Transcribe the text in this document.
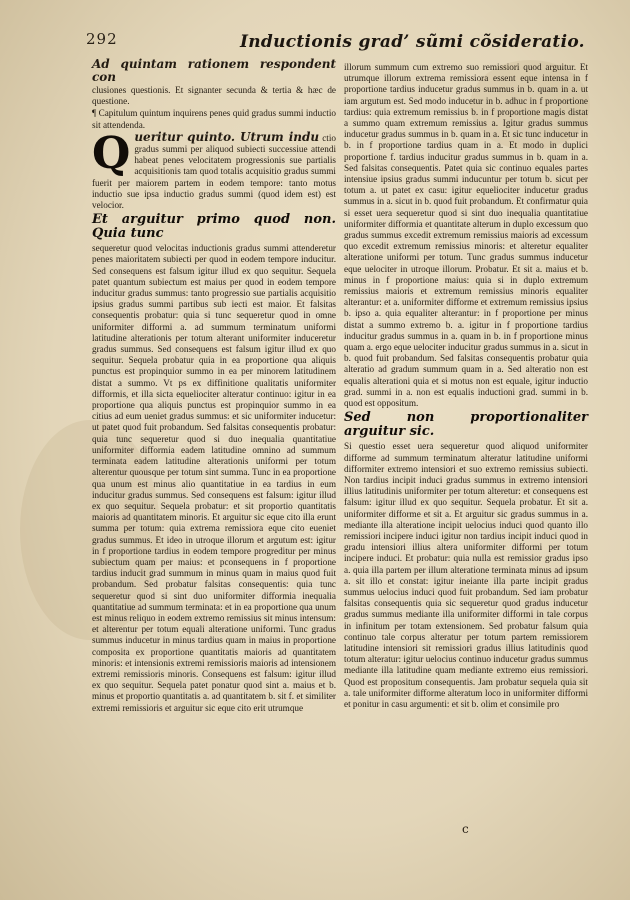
292	Inductionis grad’ sũmi cõsideratio.

Ad quintam rationem respondent con

clusiones questionis. Et signanter secunda & tertia & hæc de questione.

¶ Capitulum quintum inquirens penes quid gradus summi inductio sit attendenda.

Q ueritur quinto. Utrum indu ctio gradus summi per aliquod subiecti successiue attendi habeat penes velocitatem progressionis sue partialis acquisitionis tam quod totalis acquisitio gradus summi fuerit per maiorem partem in eodem tempore: tanto motus inductio sue ipsa inductio gradus summi (quod idem est) est velocior.

Et arguitur primo quod non. Quia tunc

sequeretur quod velocitas inductionis gradus summi attenderetur penes maioritatem subiecti per quod in eodem tempore inducitur. Sed consequens est falsum igitur illud ex quo sequitur. Sequela patet quantum subiectum est maius per quod in eodem tempore inducitur gradus summus: tanto progressio sue partialis acquisitio ipsius gradus summi partibus sub iecti est maior. Et falsitas consequentis probatur: quia si tunc sequeretur quod in omne uniformiter difformi a. ad summum terminatum uniformi latitudine alterationis per totum alterant uniformiter induceretur gradus summus. Sed consequens est falsum igitur illud ex quo sequitur. Sequela probatur quia in ea proportione qua aliquis punctus est propinquior summo in ea per minorem latitudinem distat a summo. Vt ps ex diffinitione qualitatis uniformiter difformis, et illa sicta equeliociter alteratur continuo: igitur in ea proportione qua aliquis punctus est propinquior summo in ea citius ad eum ueniet gradus summus: et sic uniformiter inducetur: ut patet quod fuit probandum. Sed falsitas consequentis probatur: quia tunc sequeretur quod si duo inequalia quantitatiue uniformiter difformia eadem latitudine omnino ad summum terminata eadem latitudine alterationis uniformi per totum alterentur quousque per totum sint summa. Tunc in ea proportione qua unum est minus alio quantitatiue in ea tardius in eum inducitur gradus summus. Sed consequens est falsum: igitur illud ex quo sequitur. Sequela probatur: et sit proportio quantitatis maioris ad quantitatem minoris. Et arguitur sic eque cito illa erunt summa per totum: quia extrema remissiora eque cito eueniet gradus summus. Et ideo in utroque illorum et argutum est: igitur in f proportione tardius in eodem tempore progreditur per minus subiectum quam per maius: et pconsequens in f proportione tardius inducit grad summum in minus quam in maius quod fuit probandum. Sed probatur falsitas consequentis: quia tunc sequeretur quod si sint duo uniformiter difformia inequalia quantitatiue ad summum terminata: et in ea proportione qua unum est minus reliquo in eodem extremo remissius sit minus intensum: et alterentur per totum equali alteratione uniformi. Tunc gradus summus inducetur in minus tardius quam in maius in proportione composita ex proportione quantitatis maioris ad quantitatem minoris: et intensionis extremi remissioris maioris ad intensionem extremi remissioris minoris. Consequens est falsum: igitur illud ex quo sequitur. Sequela patet ponatur quod sint a. maius et b. minus et proportio quantitatis a. ad quantitatem b. sit f. et similiter extremi remissioris et arguitur sic eque cito erit utrumque

illorum summum cum extremo suo remissiori quod arguitur. Et utrumque illorum extrema remissiora essent eque intensa in f proportione tardius inducetur gradus summus in b. quam in a. ut iam argutum est. Sed modo inducetur in b. adhuc in f proportione tardius: quia extremum remissius b. in f proportione magis distat a summo quam extremum remissius a. Igitur gradus summus inducetur gradus summus in b. quam in a. Et sic tunc inducetur in b. in f proportione tardius quam in a. Et modo in duplici proportione f. tardius inducitur gradus summus in b. quam in a. Sed falsitas consequentis. Patet quia sic continuo equales partes intensiue ipsius gradus summi inducuntur per totum b. sicut per totum a. ut patet ex casu: igitur equeliociter inducetur gradus summus in a. sicut in b. quod fuit probandum. Et confirmatur quia si esset uera sequeretur quod si sint duo inequalia quantitatiue uniformiter difformia et quantitate alterum in duplo excessum quo gradus summus excedit extremum remissius maioris ad excessum quo excedit extremum remissius minoris: et alteretur equaliter alteratione uniformi per totum. Tunc gradus summus inducetur eque uelociter in utroque illorum. Probatur. Et sit a. maius et b. minus in f proportione maius: quia si in duplo extremum remissius maioris et extremum remissius minoris equaliter alterantur: et a. uniformiter difforme et extremum remissius ipsius b. ipso a. quia equaliter alterantur: in f proportione per minus distat a summo extremo b. a. igitur in f proportione tardius inducitur gradus summus in a. quam in b. in f proportione minus quam a. ergo eque uelociter inducitur gradus summus in a. sicut in b. quod fuit probandum. Sed falsitas consequentis probatur quia alteratio ad gradum summum quam in a. Sed alteratio non est equalis alterationi quia et si motus non est equale, igitur inductio grad. summi in a. non est equalis inductioni grad. summi in b. quod est oppositum.

Sed non proportionaliter arguitur sic.

Si questio esset uera sequeretur quod aliquod uniformiter difforme ad summum terminatum alteratur latitudine uniformi difformiter extremo intensiori et suo extremo remissius subiecti. Non tardius incipit induci gradus summus in extremo intensiori illius latitudinis uniformiter per totum alteretur: et consequens est falsum: igitur illud ex quo sequitur. Sequela probatur. Et sit a. uniformiter difforme et sit a. Et arguitur sic gradus summus in a. mediante illa alteratione incipit uelocius induci quod quanto illo remissiori incipere induci igitur non tardius incipit induci quod in gradu intensiori illius altera uniformiter difformi per totum incipere induci. Et probatur: quia nulla est remissior gradus ipso a. quia illa partem per illum alteratione terminata minus ad ipsum a. sit illo et constat: igitur ineiante illa parte incipit gradus summus uelocius induci quod fuit probandum. Sed iam probatur falsitas consequentis quia sic sequeretur quod gradus inducetur gradus summus mediante illa uniformiter difformi in tale corpus in infinitum per totam extensionem. Sed probatur falsum quia continuo tale corpus alteratur per totum partem remissiorem latitudine intensiori sit remissiori gradus illius latitudinis quod totum alteratur: igitur uelocius continuo inducetur gradus summus mediante illa latitudine quam mediante extremo eius remissiori. Quod est propositum consequentis. Jam probatur sequela quia sit a. tale uniformiter difforme alteratum loco in uniformiter difformi et ponitur in casu argumenti: et sit b. olim et consimile pro

c
